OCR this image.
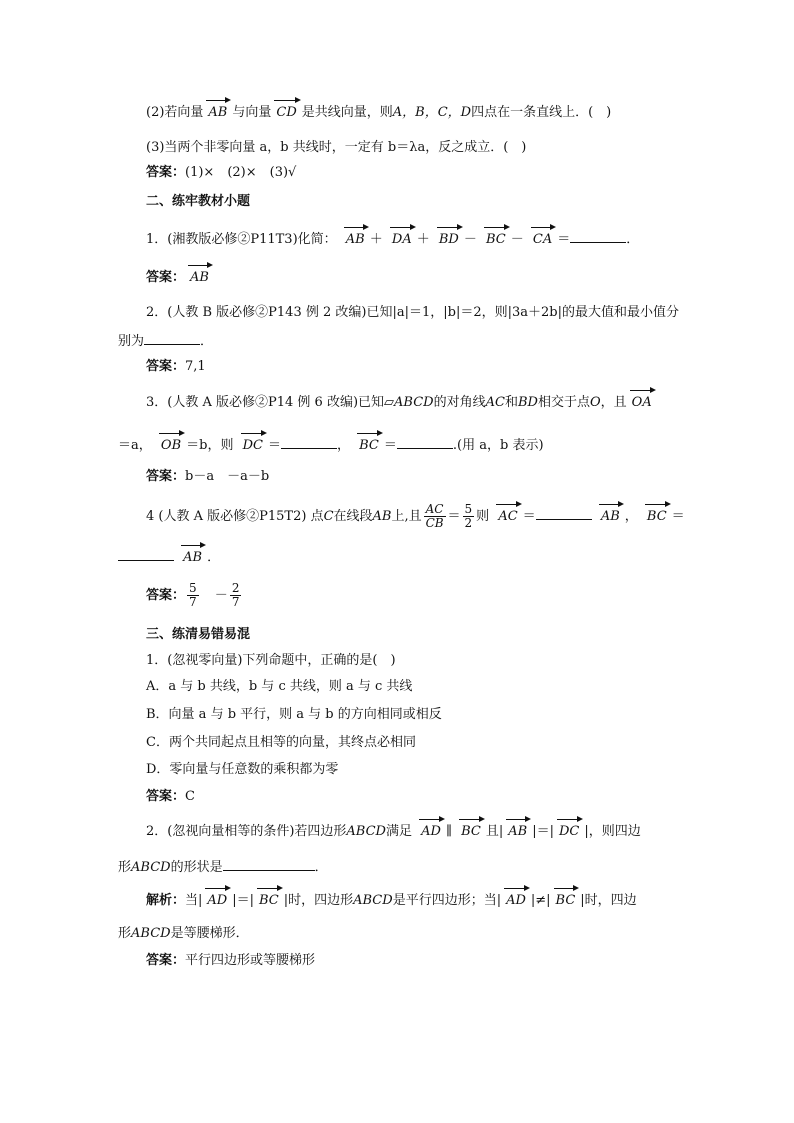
(2)若向量 AB 与向量 CD 是共线向量，则A，B，C，D四点在一条直线上．(　)
(3)当两个非零向量 a，b 共线时，一定有 b＝λa，反之成立．(　)
答案：(1)×　(2)×　(3)√
二、练牢教材小题
1．(湘教版必修②P11T3)化简： AB ＋ DA ＋ BD － BC － CA ＝	．
答案： AB
2．(人教 B 版必修②P143 例 2 改编)已知|a|＝1，|b|＝2，则|3a＋2b|的最大值和最小值分
别为	．
答案：7,1
3．(人教 A 版必修②P14 例 6 改编)已知▱ABCD的对角线AC和BD相交于点O，且 OA
＝a， OB ＝b，则 DC ＝	， BC ＝	.(用 a，b 表示)
答案：b－a　－a－b
4 (人教 A 版必修②P15T2) 点C在线段AB上,且 $\frac{AC}{CB} = \frac{5}{2}$ 则 AC ＝	AB ， BC ＝
AB ．
答案： $\frac{5}{7} - \frac{2}{7}$
三、练清易错易混
1．(忽视零向量)下列命题中，正确的是(　)
A．a 与 b 共线，b 与 c 共线，则 a 与 c 共线
B．向量 a 与 b 平行，则 a 与 b 的方向相同或相反
C．两个共同起点且相等的向量，其终点必相同
D．零向量与任意数的乘积都为零
答案：C
2．(忽视向量相等的条件)若四边形ABCD满足 AD ∥ BC 且| AB |＝| DC |，则四边
形ABCD的形状是	．
解析：当| AD |＝| BC |时，四边形ABCD是平行四边形；当| AD |≠| BC |时，四边
形ABCD是等腰梯形．
答案：平行四边形或等腰梯形
